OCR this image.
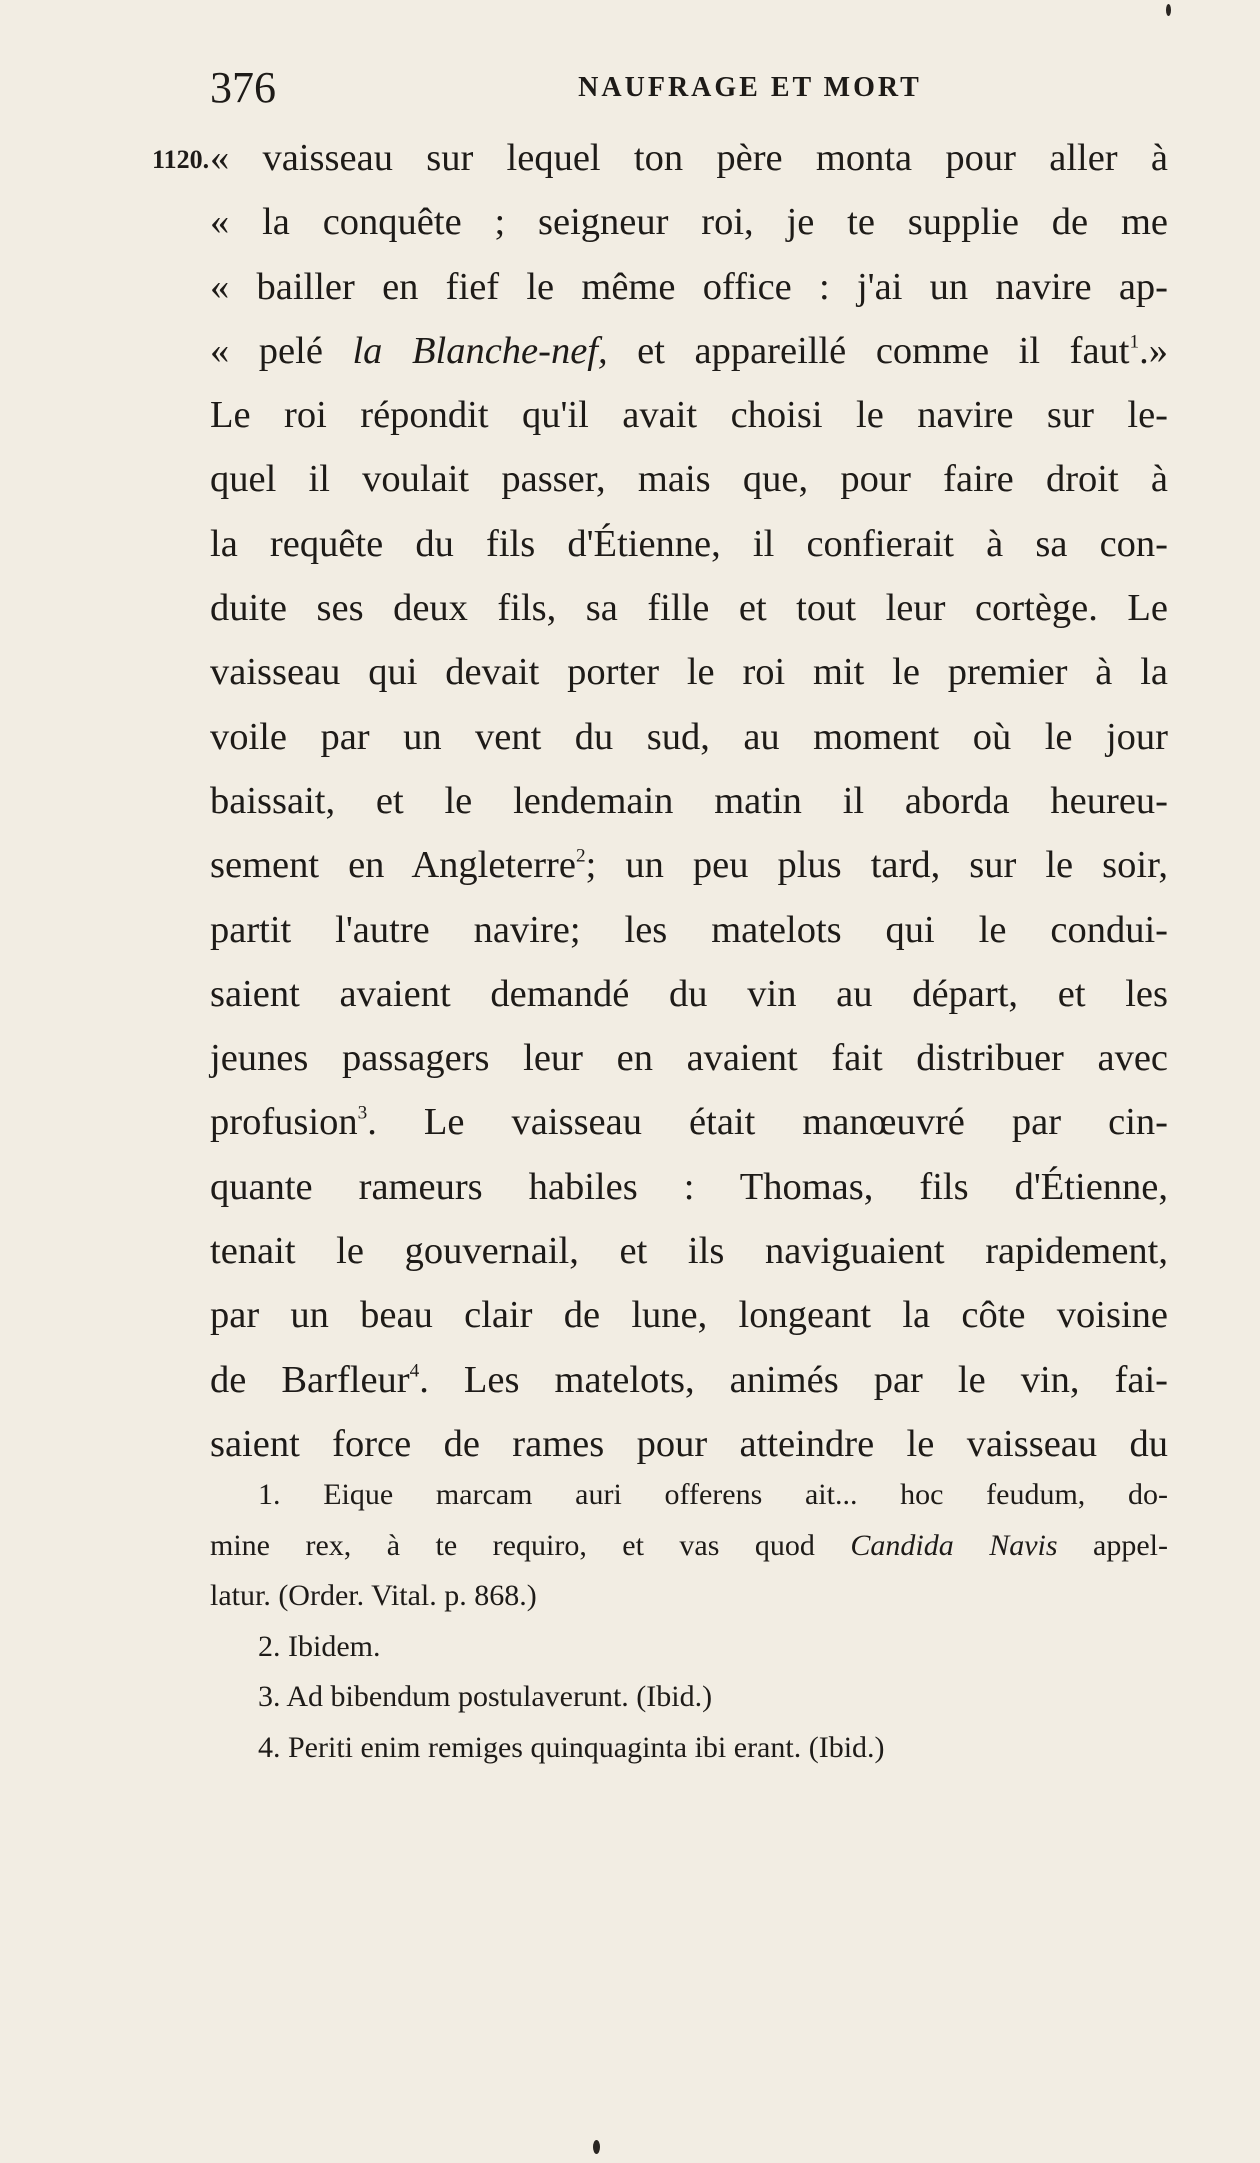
376	NAUFRAGE ET MORT
1120. « vaisseau sur lequel ton père monta pour aller à
« la conquête ; seigneur roi, je te supplie de me
« bailler en fief le même office : j'ai un navire ap-
« pelé la Blanche-nef, et appareillé comme il faut$^1$.»
Le roi répondit qu'il avait choisi le navire sur le-
quel il voulait passer, mais que, pour faire droit à
la requête du fils d'Étienne, il confierait à sa con-
duite ses deux fils, sa fille et tout leur cortège. Le
vaisseau qui devait porter le roi mit le premier à la
voile par un vent du sud, au moment où le jour
baissait, et le lendemain matin il aborda heureu-
sement en Angleterre$^2$; un peu plus tard, sur le soir,
partit l'autre navire; les matelots qui le condui-
saient avaient demandé du vin au départ, et les
jeunes passagers leur en avaient fait distribuer avec
profusion$^3$. Le vaisseau était manœuvré par cin-
quante rameurs habiles : Thomas, fils d'Étienne,
tenait le gouvernail, et ils naviguaient rapidement,
par un beau clair de lune, longeant la côte voisine
de Barfleur$^4$. Les matelots, animés par le vin, fai-
saient force de rames pour atteindre le vaisseau du
1. Eique marcam auri offerens ait... hoc feudum, do-
mine rex, à te requiro, et vas quod Candida Navis appel-
latur. (Order. Vital. p. 868.)
2. Ibidem.
3. Ad bibendum postulaverunt. (Ibid.)
4. Periti enim remiges quinquaginta ibi erant. (Ibid.)
